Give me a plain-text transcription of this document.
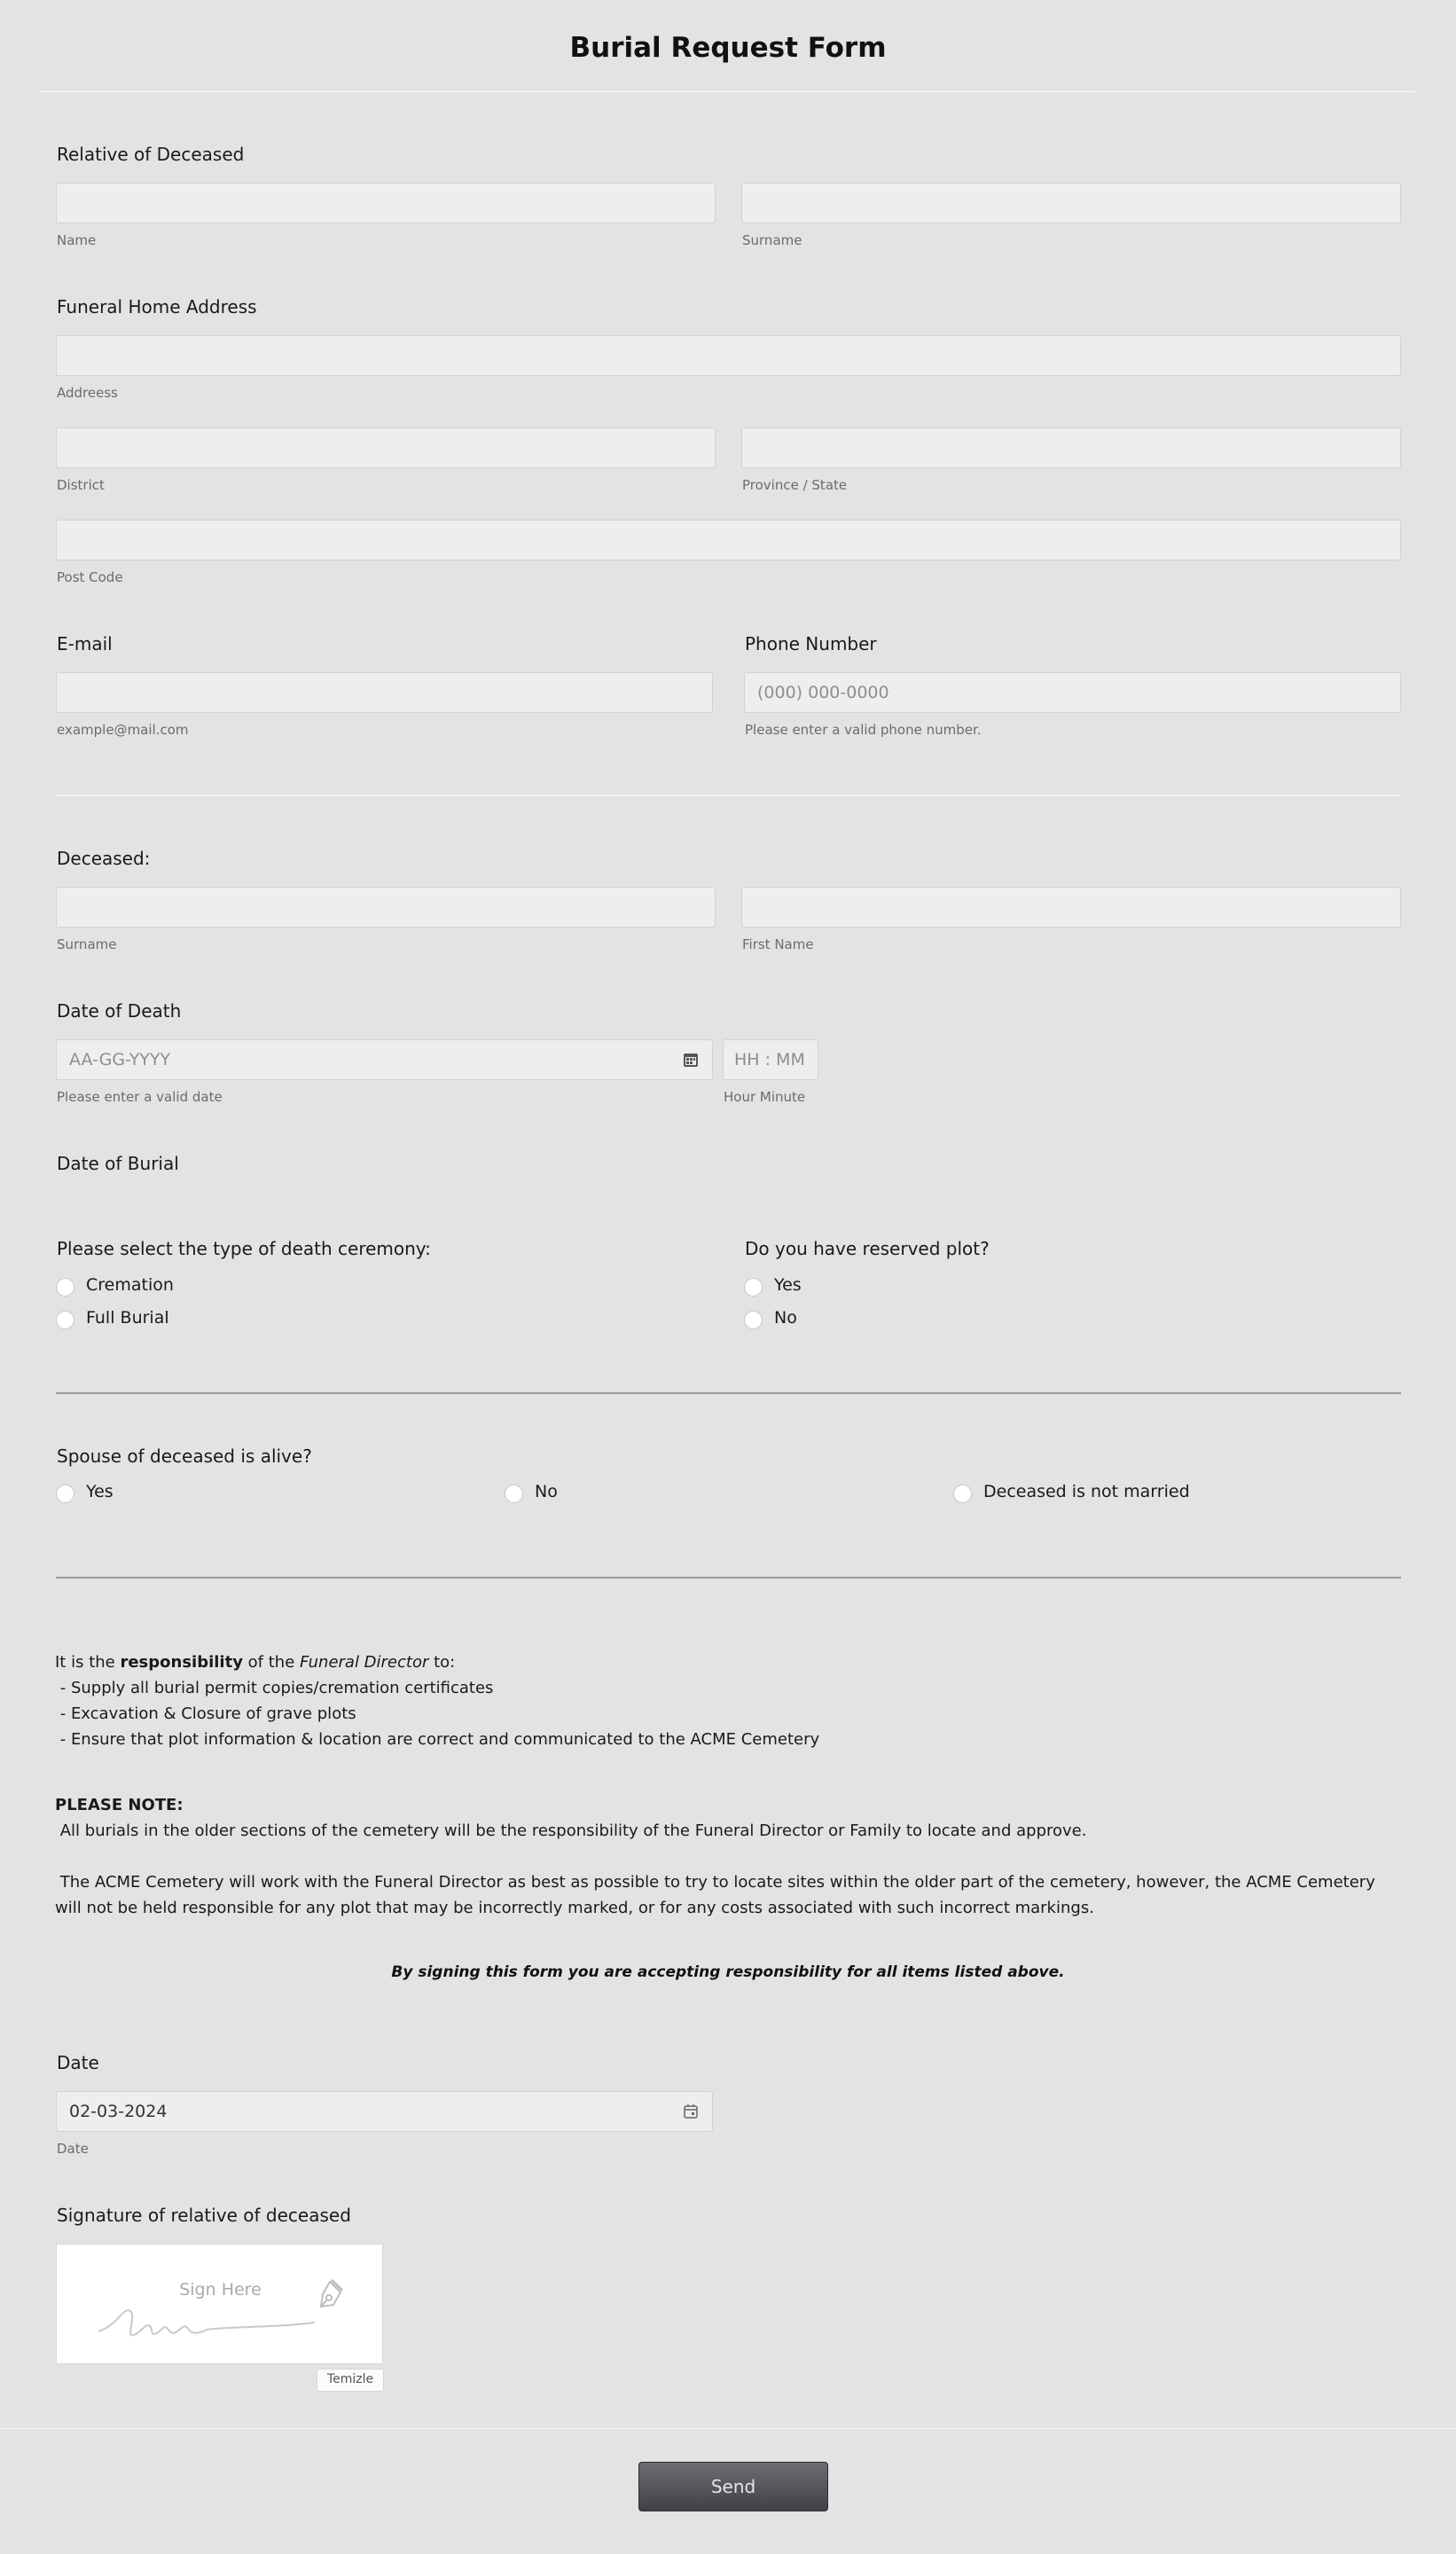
Burial Request Form
Relative of Deceased
Name	Surname
Funeral Home Address
Addreess
District	Province / State
Post Code
E-mail	Phone Number
(000) 000-0000
example@mail.com	Please enter a valid phone number.
Deceased:
Surname	First Name
Date of Death
AA-GG-YYYY	HH : MM
Please enter a valid date	Hour Minute
Date of Burial
Please select the type of death ceremony:
Cremation
Full Burial
Do you have reserved plot?
Yes
No
Spouse of deceased is alive?
Yes	No	Deceased is not married
It is the responsibility of the Funeral Director to:
- Supply all burial permit copies/cremation certificates
- Excavation & Closure of grave plots
- Ensure that plot information & location are correct and communicated to the ACME Cemetery
PLEASE NOTE:
All burials in the older sections of the cemetery will be the responsibility of the Funeral Director or Family to locate and approve.
The ACME Cemetery will work with the Funeral Director as best as possible to try to locate sites within the older part of the cemetery, however, the ACME Cemetery will not be held responsible for any plot that may be incorrectly marked, or for any costs associated with such incorrect markings.
By signing this form you are accepting responsibility for all items listed above.
Date
02-03-2024
Date
Signature of relative of deceased
Sign Here
Temizle
Send
